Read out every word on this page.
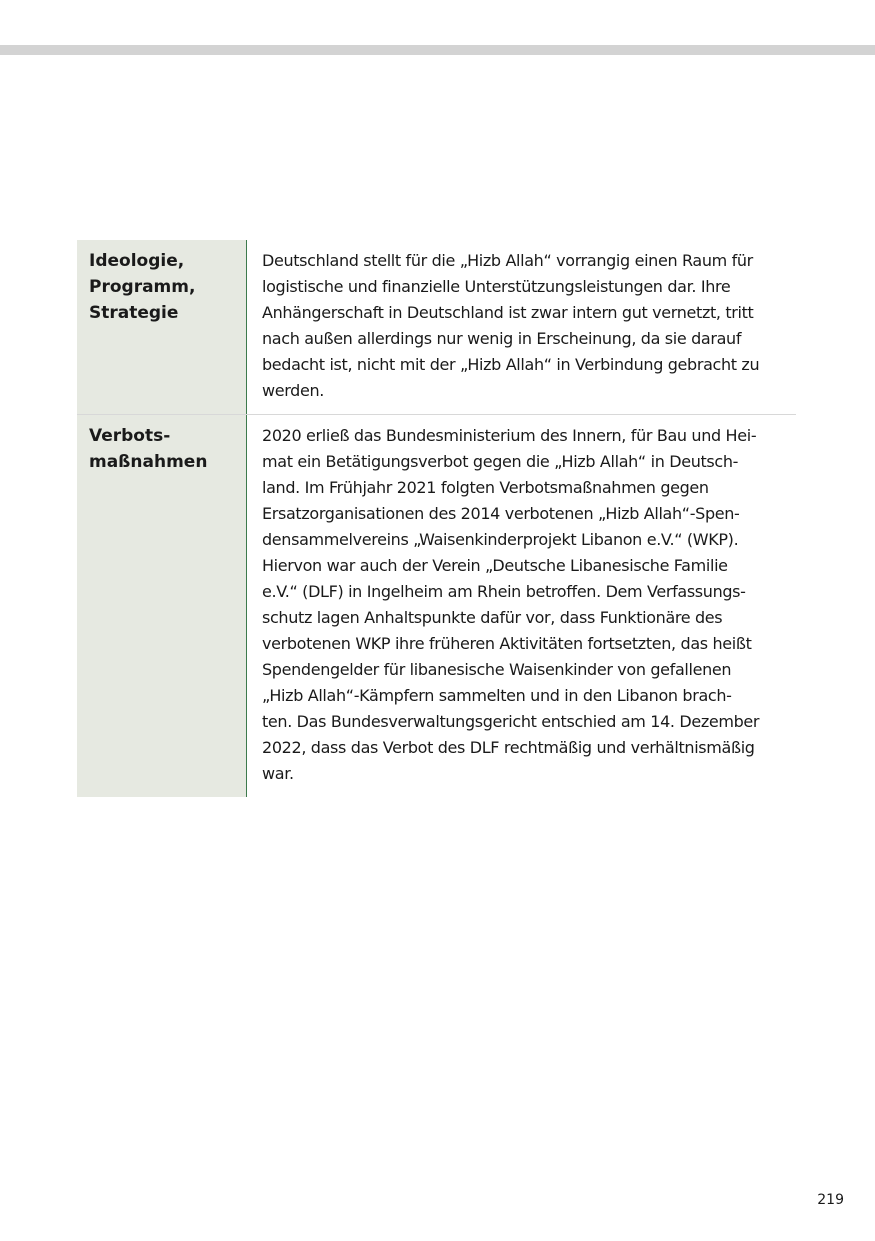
Ideologie,
Programm,
Strategie
Deutschland stellt für die „Hizb Allah“ vorrangig einen Raum für
logistische und finanzielle Unterstützungsleistungen dar. Ihre
Anhängerschaft in Deutschland ist zwar intern gut vernetzt, tritt
nach außen allerdings nur wenig in Erscheinung, da sie darauf
bedacht ist, nicht mit der „Hizb Allah“ in Verbindung gebracht zu
werden.
Verbots-
maßnahmen
2020 erließ das Bundesministerium des Innern, für Bau und Hei-
mat ein Betätigungsverbot gegen die „Hizb Allah“ in Deutsch-
land. Im Frühjahr 2021 folgten Verbotsmaßnahmen gegen
Ersatzorganisationen des 2014 verbotenen „Hizb Allah“-Spen-
densammelvereins „Waisenkinderprojekt Libanon e.V.“ (WKP).
Hiervon war auch der Verein „Deutsche Libanesische Familie
e.V.“ (DLF) in Ingelheim am Rhein betroffen. Dem Verfassungs-
schutz lagen Anhaltspunkte dafür vor, dass Funktionäre des
verbotenen WKP ihre früheren Aktivitäten fortsetzten, das heißt
Spendengelder für libanesische Waisenkinder von gefallenen
„Hizb Allah“-Kämpfern sammelten und in den Libanon brach-
ten. Das Bundesverwaltungsgericht entschied am 14. Dezember
2022, dass das Verbot des DLF rechtmäßig und verhältnismäßig
war.
219
